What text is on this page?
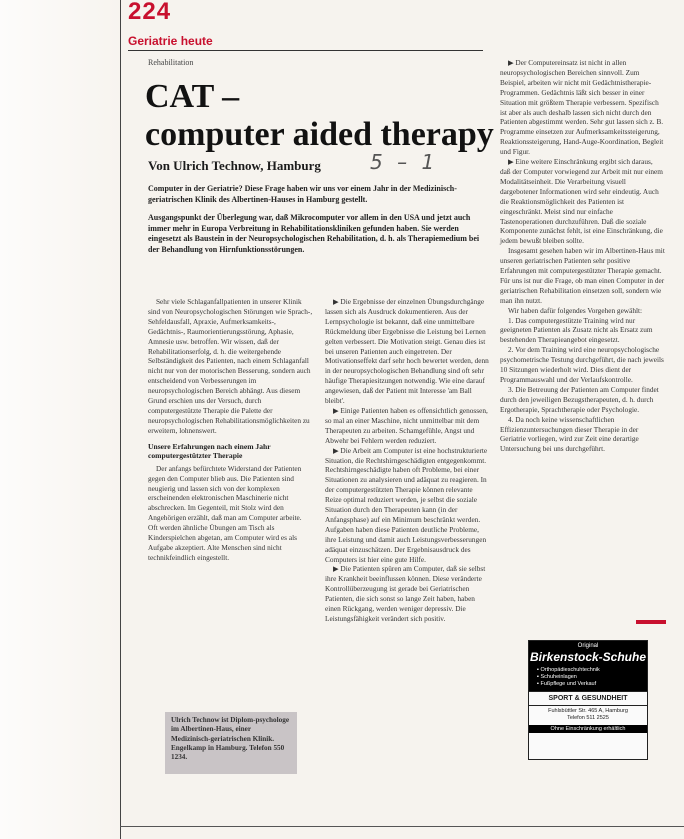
224
Geriatrie heute
Rehabilitation
CAT –
computer aided therapy
Von Ulrich Technow, Hamburg 5 – 1

Computer in der Geriatrie? Diese Frage haben wir uns vor einem Jahr in der Medizinisch-geriatrischen Klinik des Albertinen-Hauses in Hamburg gestellt.

Ausgangspunkt der Überlegung war, daß Mikrocomputer vor allem in den USA und jetzt auch immer mehr in Europa Verbreitung in Rehabilitationskliniken gefunden haben. Sie werden eingesetzt als Baustein in der Neuropsychologischen Rehabilitation, d. h. als Therapiemedium bei der Behandlung von Hirnfunktionsstörungen.

Sehr viele Schlaganfallpatienten in unserer Klinik sind von Neuropsychologischen Störungen wie Sprach-, Sehfeldausfall, Apraxie, Aufmerksamkeits-, Gedächtnis-, Raumorientierungsstörung, Aphasie, Amnesie usw. betroffen. Wir wissen, daß der Rehabilitationserfolg, d. h. die weitergehende Selbständigkeit des Patienten, nach einem Schlaganfall nicht nur von der motorischen Besserung, sondern auch entscheidend von Verbesserungen im neuropsychologischen Bereich abhängt. Aus diesem Grund erschien uns der Versuch, durch computergestützte Therapie die Palette der neuropsychologischen Rehabilitationsmöglichkeiten zu erweitern, lohnenswert.

Unsere Erfahrungen nach einem Jahr computergestützter Therapie

Der anfangs befürchtete Widerstand der Patienten gegen den Computer blieb aus. Die Patienten sind neugierig und lassen sich von der komplexen erscheinenden elektronischen Maschinerie nicht abschrecken. Im Gegenteil, mit Stolz wird den Angehörigen erzählt, daß man am Computer arbeite. Oft werden ähnliche Übungen am Tisch als Kinderspielchen abgetan, am Computer wird es als Aufgabe akzeptiert. Alte Menschen sind nicht technikfeindlich eingestellt.

Ulrich Technow ist Diplom-psychologe im Albertinen-Haus, einer Medizinisch-geriatrischen Klinik. Engelkamp in Hamburg. Telefon 550 1234.

▶ Die Ergebnisse der einzelnen Übungsdurchgänge lassen sich als Ausdruck dokumentieren. Aus der Lernpsychologie ist bekannt, daß eine unmittelbare Rückmeldung über Ergebnisse die Leistung bei Lernen gelten verbessert. Die Motivation steigt. Genau dies ist bei unseren Patienten auch eingetreten. Der Motivationseffekt darf sehr hoch bewertet werden, denn in der neuropsychologischen Behandlung sind oft sehr häufige Therapiesitzungen notwendig. Wie eine darauf angewiesen, daß der Patient mit Interesse 'am Ball bleibt'.

▶ Einige Patienten haben es offensichtlich genossen, so mal an einer Maschine, nicht unmittelbar mit dem Therapeuten zu arbeiten. Schamgefühle, Angst und Abwehr bei Fehlern werden reduziert.

▶ Die Arbeit am Computer ist eine hochstrukturierte Situation, die Rechtshirngeschädigten entgegenkommt. Rechtshirngeschädigte haben oft Probleme, bei einer Situationen zu analysieren und adäquat zu reagieren. In der computergestützten Therapie können relevante Reize optimal reduziert werden, je selbst die soziale Situation durch den Therapeuten kann (in der Anfangsphase) auf ein Minimum beschränkt werden. Aufgaben haben diese Patienten deutliche Probleme, ihre Leistung und damit auch Leistungsverbesserungen adäquat einzuschätzen. Der Ergebnisausdruck des Computers ist hier eine gute Hilfe.

▶ Die Patienten spüren am Computer, daß sie selbst ihre Krankheit beeinflussen können. Diese veränderte Kontrollüberzeugung ist gerade bei Geriatrischen Patienten, die sich sonst so lange Zeit haben, haben einen Rückgang, werden weniger depressiv. Die Leistungsfähigkeit verändert sich positiv.

▶ Der Computereinsatz ist nicht in allen neuropsychologischen Bereichen sinnvoll. Zum Beispiel, arbeiten wir nicht mit Gedächtnistherapie-Programmen. Gedächtnis läßt sich besser in einer Situation mit größtem Therapie verbessern. Spezifisch ist aber als auch deshalb lassen sich nicht durch den Patienten abgestimmt werden. Sehr gut lassen sich z. B. Programme einsetzen zur Aufmerksamkeitssteigerung, Reaktionssteigerung, Hand-Auge-Koordination, Begleit und Figur.

▶ Eine weitere Einschränkung ergibt sich daraus, daß der Computer vorwiegend zur Arbeit mit nur einem Modalitätseinheit. Die Verarbeitung visuell dargebotener Informationen wird sehr eindeutig. Auch die Reaktionsmöglichkeit des Patienten ist eingeschränkt. Meist sind nur einfache Tastenoperationen durchzuführen. Daß die soziale Komponente zunächst fehlt, ist eine Einschränkung, die jedem bewußt bleiben sollte.

Insgesamt gesehen haben wir im Albertinen-Haus mit unseren geriatrischen Patienten sehr positive Erfahrungen mit computergestützter Therapie gemacht. Für uns ist nur die Frage, ob man einen Computer in der geriatrischen Rehabilitation einsetzen soll, sondern wie man ihn nutzt.

Wir haben dafür folgendes Vorgehen gewählt:

1. Das computergestützte Training wird nur geeigneten Patienten als Zusatz nicht als Ersatz zum bestehenden Therapieangebot eingesetzt.

2. Vor dem Training wird eine neuropsychologische psychometrische Testung durchgeführt, die nach jeweils 10 Sitzungen wiederholt wird. Dies dient der Programmauswahl und der Verlaufskontrolle.

3. Die Betreuung der Patienten am Computer findet durch den jeweiligen Bezugstherapeuten, d. h. durch Ergotherapie, Sprachtherapie oder Psychologie.

4. Da noch keine wissenschaftlichen Effizienzuntersuchungen dieser Therapie in der Geriatrie vorliegen, wird zur Zeit eine derartige Untersuchung bei uns durchgeführt.

Original
Birkenstock-Schuhe
▪ Orthopädieschuhtechnik
▪ Schuheinlagen
▪ Fußpflege und Verkauf
SPORT & GESUNDHEIT
Fuhlsbüttler Str. 465 A, Hamburg
Telefon 511 2525
Ohne Einschränkung erhältlich
